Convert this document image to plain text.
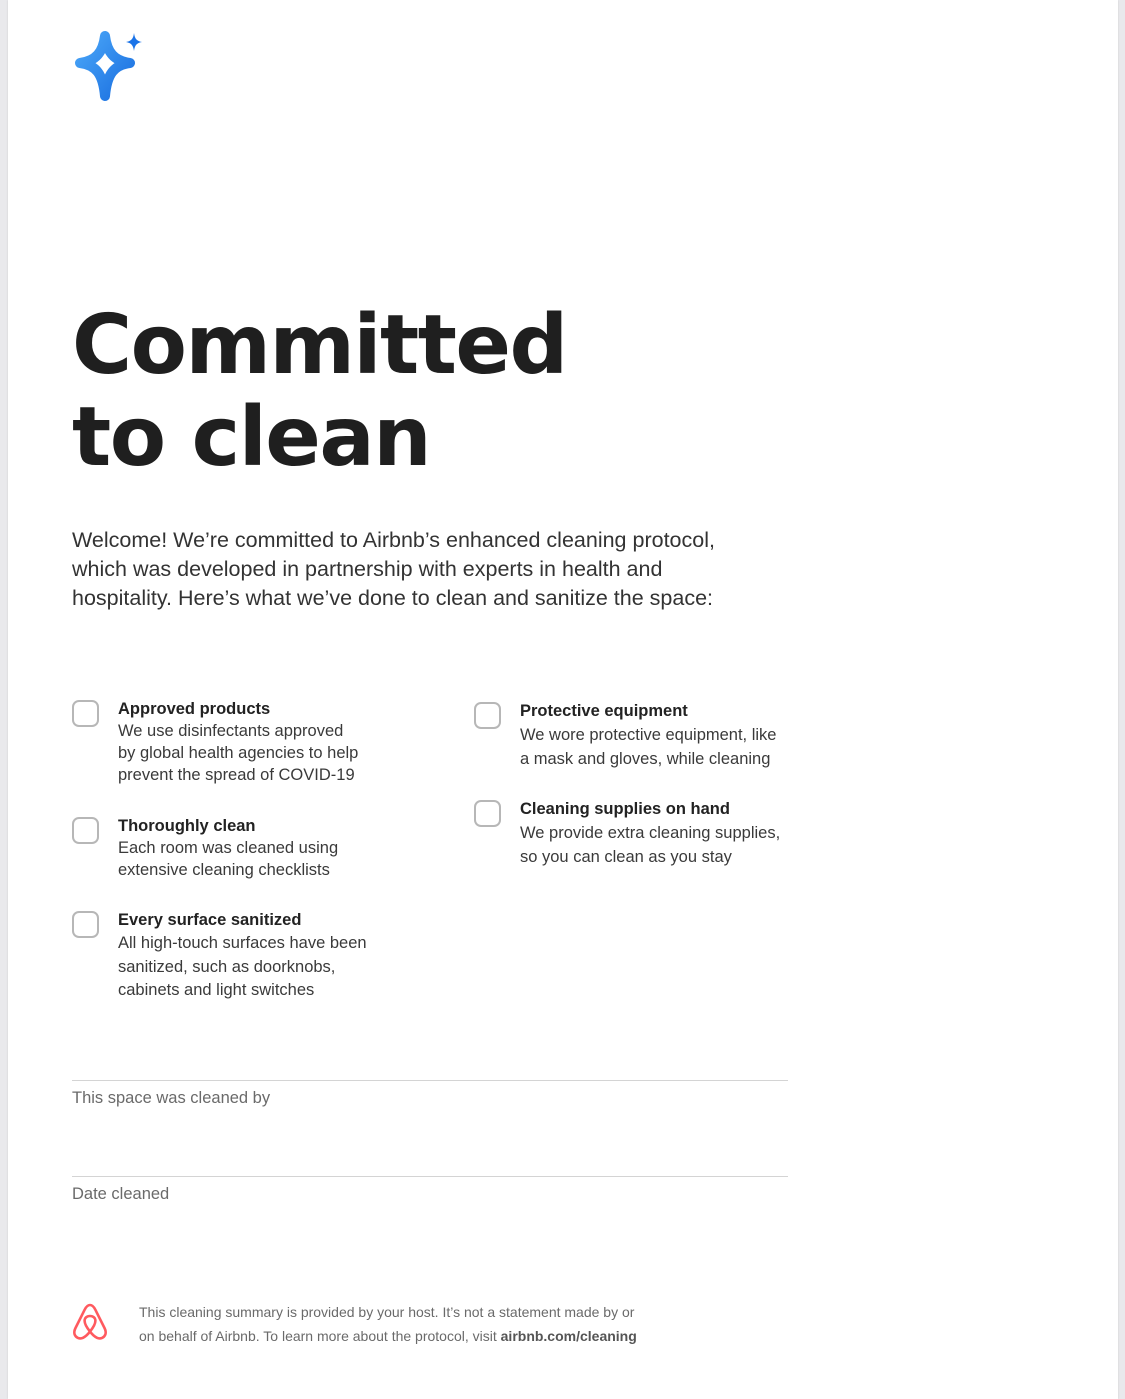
Committed
to clean

Welcome! We’re committed to Airbnb’s enhanced cleaning protocol,
which was developed in partnership with experts in health and
hospitality. Here’s what we’ve done to clean and sanitize the space:

Approved products
We use disinfectants approved
by global health agencies to help
prevent the spread of COVID-19
Thoroughly clean
Each room was cleaned using
extensive cleaning checklists
Every surface sanitized
All high-touch surfaces have been
sanitized, such as doorknobs,
cabinets and light switches
Protective equipment
We wore protective equipment, like
a mask and gloves, while cleaning
Cleaning supplies on hand
We provide extra cleaning supplies,
so you can clean as you stay
This space was cleaned by
Date cleaned

This cleaning summary is provided by your host. It’s not a statement made by or
on behalf of Airbnb. To learn more about the protocol, visit airbnb.com/cleaning
